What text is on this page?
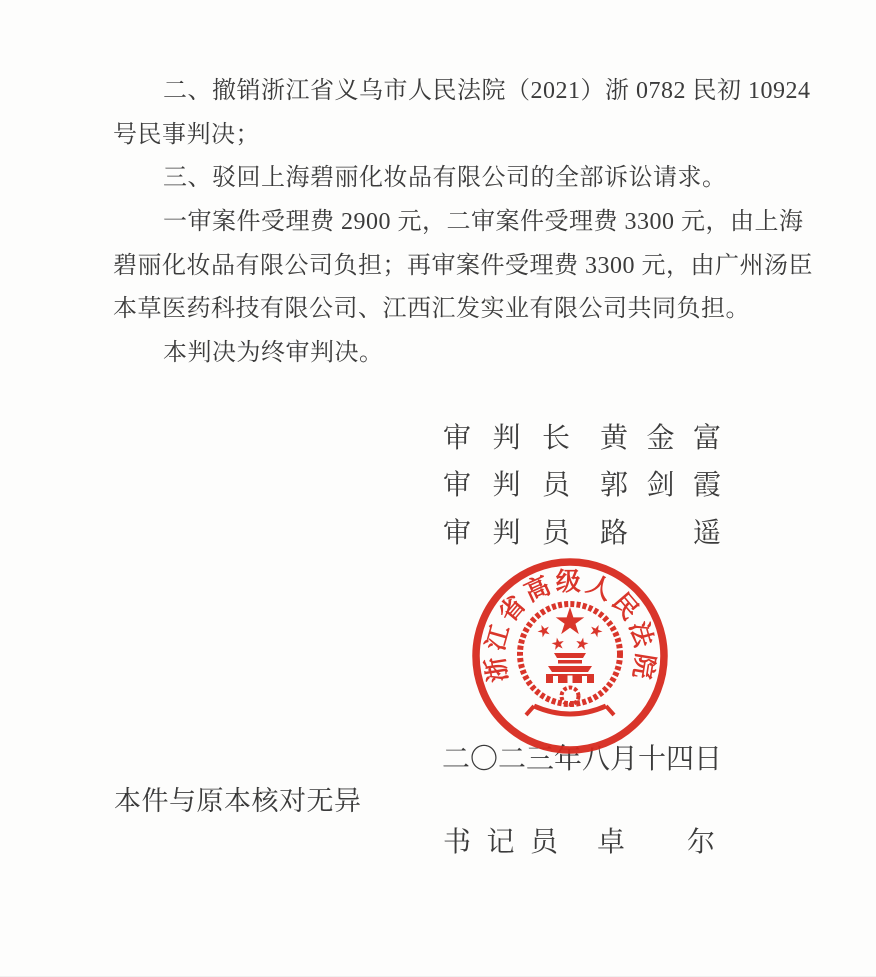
二、撤销浙江省义乌市人民法院（2021）浙 0782 民初 10924
号民事判决；
三、驳回上海碧丽化妆品有限公司的全部诉讼请求。
一审案件受理费 2900 元，二审案件受理费 3300 元，由上海
碧丽化妆品有限公司负担；再审案件受理费 3300 元，由广州汤臣
本草医药科技有限公司、江西汇发实业有限公司共同负担。
本判决为终审判决。
审判长 黄金富
审判员 郭剑霞
审判员 路遥
二〇二三年八月十四日
浙江省高级人民法院
本件与原本核对无异
书记员 卓尔
